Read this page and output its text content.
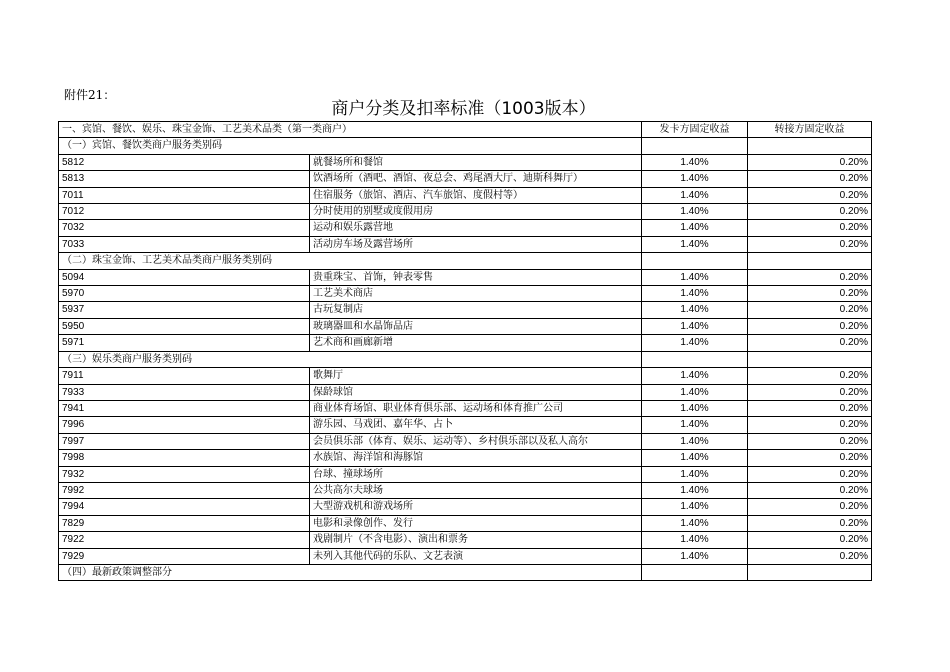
附件21：
商户分类及扣率标准（1003版本）
一、宾馆、餐饮、娱乐、珠宝金饰、工艺美术品类（第一类商户）		发卡方固定收益	转接方固定收益
（一）宾馆、餐饮类商户服务类别码			
5812	就餐场所和餐馆	1.40%	0.20%
5813	饮酒场所（酒吧、酒馆、夜总会、鸡尾酒大厅、迪斯科舞厅）	1.40%	0.20%
7011	住宿服务（旅馆、酒店、汽车旅馆、度假村等）	1.40%	0.20%
7012	分时使用的别墅或度假用房	1.40%	0.20%
7032	运动和娱乐露营地	1.40%	0.20%
7033	活动房车场及露营场所	1.40%	0.20%
（二）珠宝金饰、工艺美术品类商户服务类别码			
5094	贵重珠宝、首饰，钟表零售	1.40%	0.20%
5970	工艺美术商店	1.40%	0.20%
5937	古玩复制店	1.40%	0.20%
5950	玻璃器皿和水晶饰品店	1.40%	0.20%
5971	艺术商和画廊新增	1.40%	0.20%
（三）娱乐类商户服务类别码			
7911	歌舞厅	1.40%	0.20%
7933	保龄球馆	1.40%	0.20%
7941	商业体育场馆、职业体育俱乐部、运动场和体育推广公司	1.40%	0.20%
7996	游乐园、马戏团、嘉年华、占卜	1.40%	0.20%
7997	会员俱乐部（体育、娱乐、运动等）、乡村俱乐部以及私人高尔	1.40%	0.20%
7998	水族馆、海洋馆和海豚馆	1.40%	0.20%
7932	台球、撞球场所	1.40%	0.20%
7992	公共高尔夫球场	1.40%	0.20%
7994	大型游戏机和游戏场所	1.40%	0.20%
7829	电影和录像创作、发行	1.40%	0.20%
7922	戏剧制片（不含电影）、演出和票务	1.40%	0.20%
7929	未列入其他代码的乐队、文艺表演	1.40%	0.20%
（四）最新政策调整部分			
